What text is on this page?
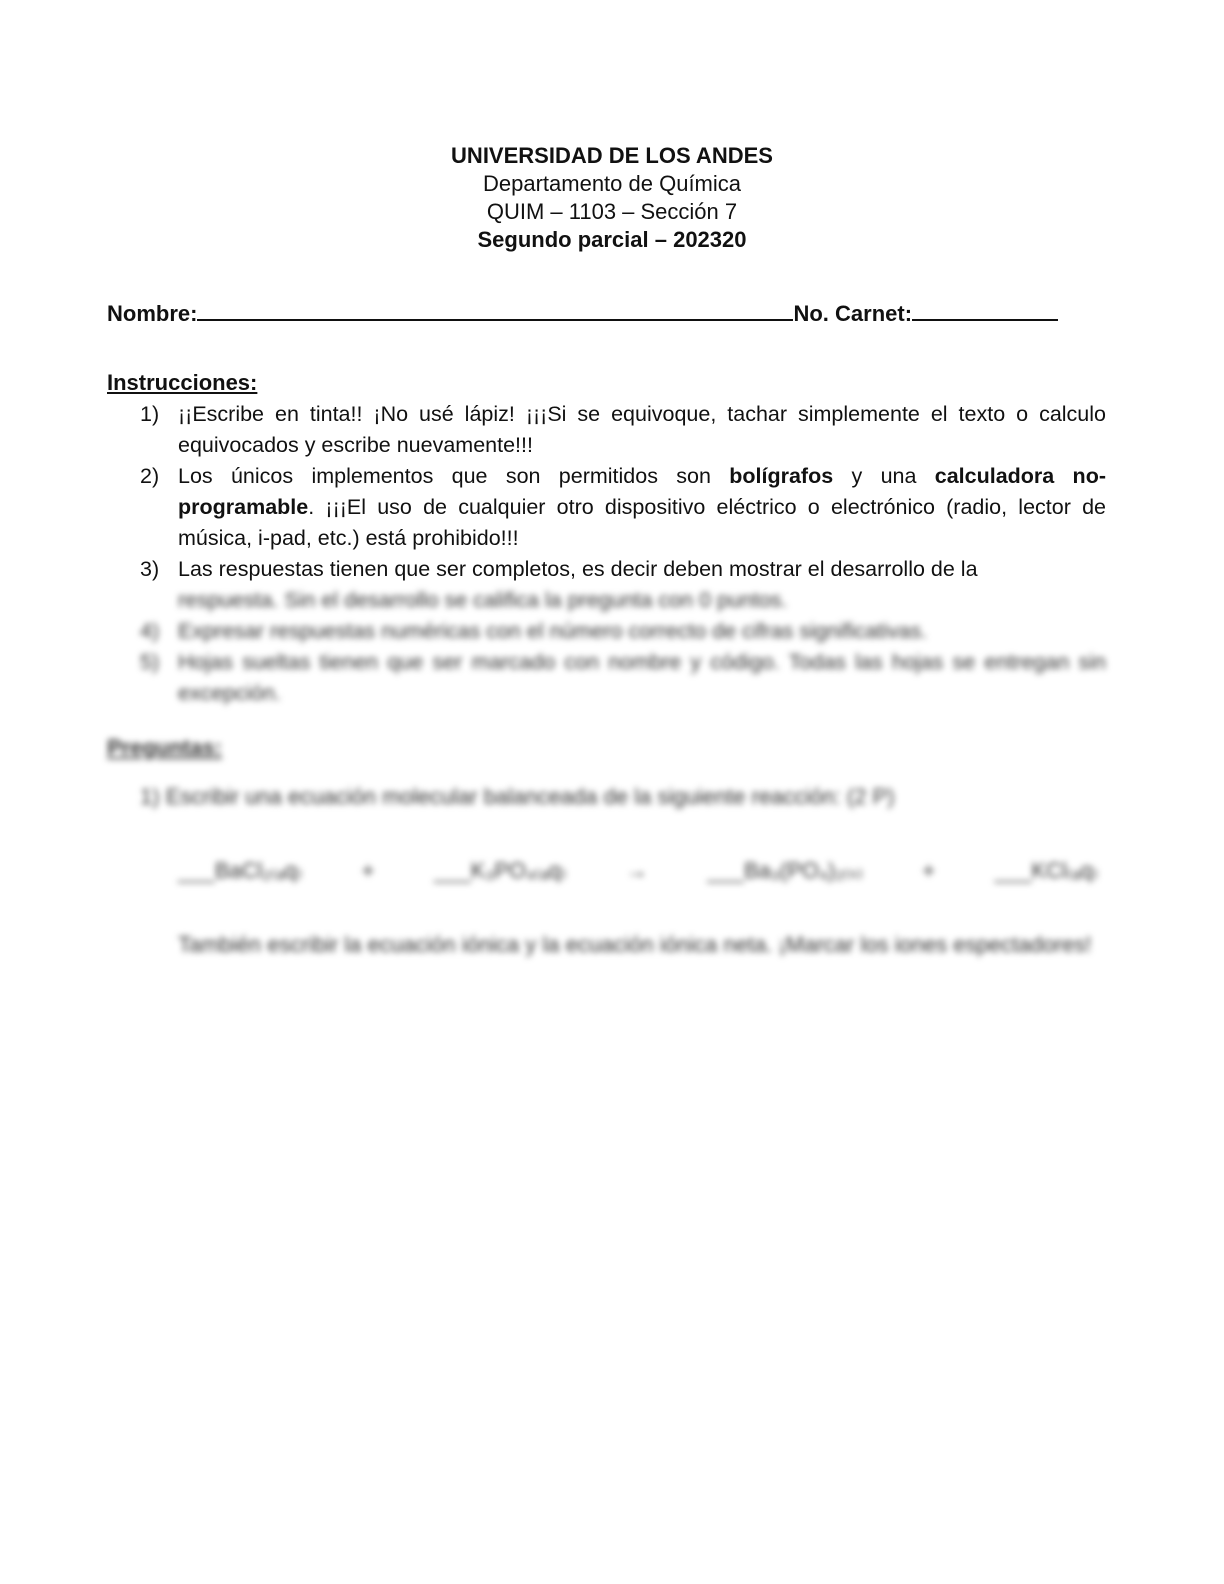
UNIVERSIDAD DE LOS ANDES
Departamento de Química
QUIM – 1103 – Sección 7
Segundo parcial – 202320
Nombre:	No. Carnet:
Instrucciones:
1) ¡¡Escribe en tinta!! ¡No usé lápiz! ¡¡¡Si se equivoque, tachar simplemente el texto o calculo equivocados y escribe nuevamente!!!
2) Los únicos implementos que son permitidos son bolígrafos y una calculadora no-programable. ¡¡¡El uso de cualquier otro dispositivo eléctrico o electrónico (radio, lector de música, i-pad, etc.) está prohibido!!!
3) Las respuestas tienen que ser completos, es decir deben mostrar el desarrollo de la
respuesta. Sin el desarrollo se califica la pregunta con 0 puntos.
4) Expresar respuestas numéricas con el número correcto de cifras significativas.
5) Hojas sueltas tienen que ser marcado con nombre y código. Todas las hojas se entregan sin excepción.
Preguntas:
1) Escribir una ecuación molecular balanceada de la siguiente reacción: (2 P)
___BaCl₂₍ₐq₎	+	___K₃PO₄₍ₐq₎	→	___Ba₃(PO₄)₂₍ₛ₎	+	___KCl₍ₐq₎
También escribir la ecuación iónica y la ecuación iónica neta. ¡Marcar los iones espectadores!
